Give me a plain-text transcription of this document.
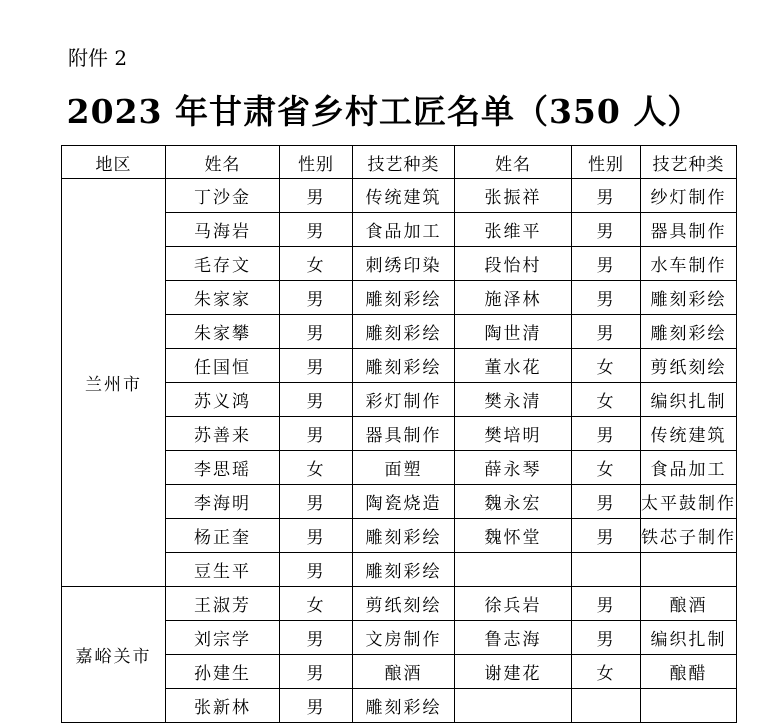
附件 2
2023 年甘肃省乡村工匠名单（350 人）
地区	姓名	性别	技艺种类	姓名	性别	技艺种类
兰州市	丁沙金	男	传统建筑	张振祥	男	纱灯制作
	马海岩	男	食品加工	张维平	男	器具制作
	毛存文	女	刺绣印染	段怡村	男	水车制作
	朱家家	男	雕刻彩绘	施泽林	男	雕刻彩绘
	朱家攀	男	雕刻彩绘	陶世清	男	雕刻彩绘
	任国恒	男	雕刻彩绘	董水花	女	剪纸刻绘
	苏义鸿	男	彩灯制作	樊永清	女	编织扎制
	苏善来	男	器具制作	樊培明	男	传统建筑
	李思瑶	女	面塑	薛永琴	女	食品加工
	李海明	男	陶瓷烧造	魏永宏	男	太平鼓制作
	杨正奎	男	雕刻彩绘	魏怀堂	男	铁芯子制作
	豆生平	男	雕刻彩绘			
嘉峪关市	王淑芳	女	剪纸刻绘	徐兵岩	男	酿酒
	刘宗学	男	文房制作	鲁志海	男	编织扎制
	孙建生	男	酿酒	谢建花	女	酿醋
	张新林	男	雕刻彩绘			
